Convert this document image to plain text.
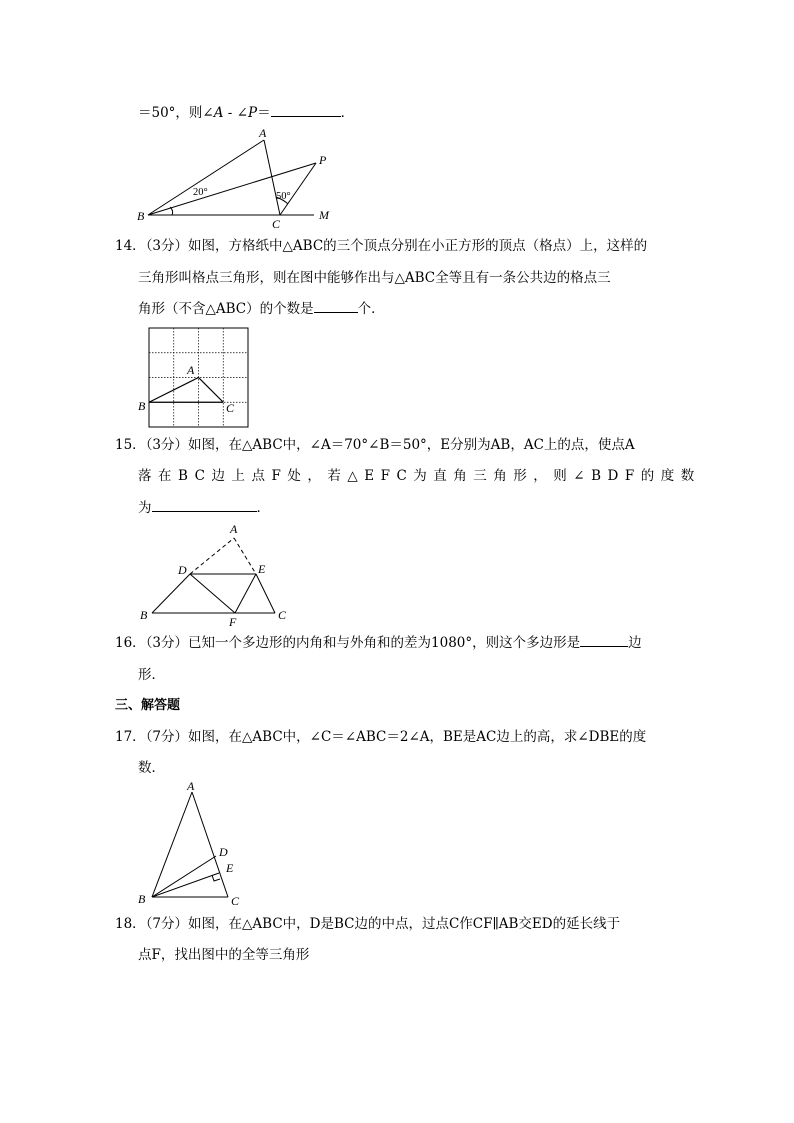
＝50°，则∠A - ∠P＝	．
A
P
B
C
M
20°	50°
14．（3分）如图，方格纸中△ABC的三个顶点分别在小正方形的顶点（格点）上，这样的
三角形叫格点三角形，则在图中能够作出与△ABC全等且有一条公共边的格点三
角形（不含△ABC）的个数是	个．
A
B	C
15．（3分）如图，在△ABC中，∠A＝70°∠B＝50°，E分别为AB，AC上的点，使点A
落在BC边上点F处，若△EFC为直角三角形，则∠BDF的度数
为	．
A
B	C
D	E
F
16．（3分）已知一个多边形的内角和与外角和的差为1080°，则这个多边形是	边
形．
三、解答题
17．（7分）如图，在△ABC中，∠C＝∠ABC＝2∠A，BE是AC边上的高，求∠DBE的度
数．
A
B	C
D
E
18．（7分）如图，在△ABC中，D是BC边的中点，过点C作CF∥AB交ED的延长线于
点F，找出图中的全等三角形
